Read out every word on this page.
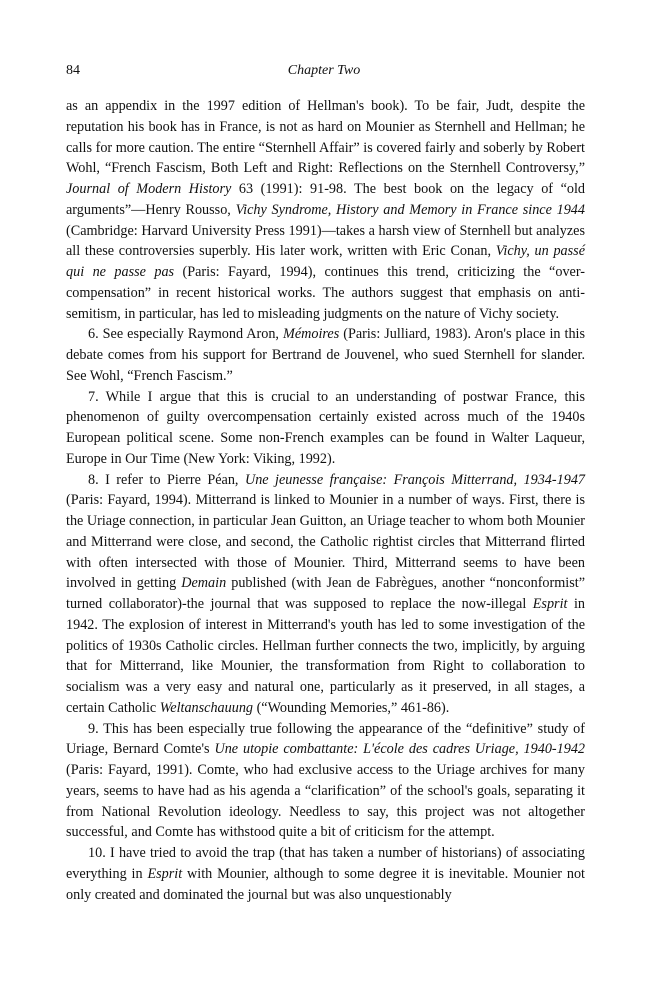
84	Chapter Two

as an appendix in the 1997 edition of Hellman's book). To be fair, Judt, despite the reputation his book has in France, is not as hard on Mounier as Sternhell and Hellman; he calls for more caution. The entire “Sternhell Affair” is covered fairly and soberly by Robert Wohl, “French Fascism, Both Left and Right: Reflections on the Sternhell Controversy,” Journal of Modern History 63 (1991): 91-98. The best book on the legacy of “old arguments”—Henry Rousso, Vichy Syndrome, History and Memory in France since 1944 (Cambridge: Harvard University Press 1991)—takes a harsh view of Sternhell but analyzes all these controversies superbly. His later work, written with Eric Conan, Vichy, un passé qui ne passe pas (Paris: Fayard, 1994), continues this trend, criticizing the “over-compensation” in recent historical works. The authors suggest that emphasis on anti-semitism, in particular, has led to misleading judgments on the nature of Vichy society.

6. See especially Raymond Aron, Mémoires (Paris: Julliard, 1983). Aron's place in this debate comes from his support for Bertrand de Jouvenel, who sued Sternhell for slander. See Wohl, “French Fascism.”

7. While I argue that this is crucial to an understanding of postwar France, this phenomenon of guilty overcompensation certainly existed across much of the 1940s European political scene. Some non-French examples can be found in Walter Laqueur, Europe in Our Time (New York: Viking, 1992).

8. I refer to Pierre Péan, Une jeunesse française: François Mitterrand, 1934-1947 (Paris: Fayard, 1994). Mitterrand is linked to Mounier in a number of ways. First, there is the Uriage connection, in particular Jean Guitton, an Uriage teacher to whom both Mounier and Mitterrand were close, and second, the Catholic rightist circles that Mitterrand flirted with often intersected with those of Mounier. Third, Mitterrand seems to have been involved in getting Demain published (with Jean de Fabrègues, another “nonconformist” turned collaborator)-the journal that was supposed to replace the now-illegal Esprit in 1942. The explosion of interest in Mitterrand's youth has led to some investigation of the politics of 1930s Catholic circles. Hellman further connects the two, implicitly, by arguing that for Mitterrand, like Mounier, the transformation from Right to collaboration to socialism was a very easy and natural one, particularly as it preserved, in all stages, a certain Catholic Weltanschauung (“Wounding Memories,” 461-86).

9. This has been especially true following the appearance of the “definitive” study of Uriage, Bernard Comte's Une utopie combattante: L'école des cadres Uriage, 1940-1942 (Paris: Fayard, 1991). Comte, who had exclusive access to the Uriage archives for many years, seems to have had as his agenda a “clarification” of the school's goals, separating it from National Revolution ideology. Needless to say, this project was not altogether successful, and Comte has withstood quite a bit of criticism for the attempt.

10. I have tried to avoid the trap (that has taken a number of historians) of associating everything in Esprit with Mounier, although to some degree it is inevitable. Mounier not only created and dominated the journal but was also unquestionably
